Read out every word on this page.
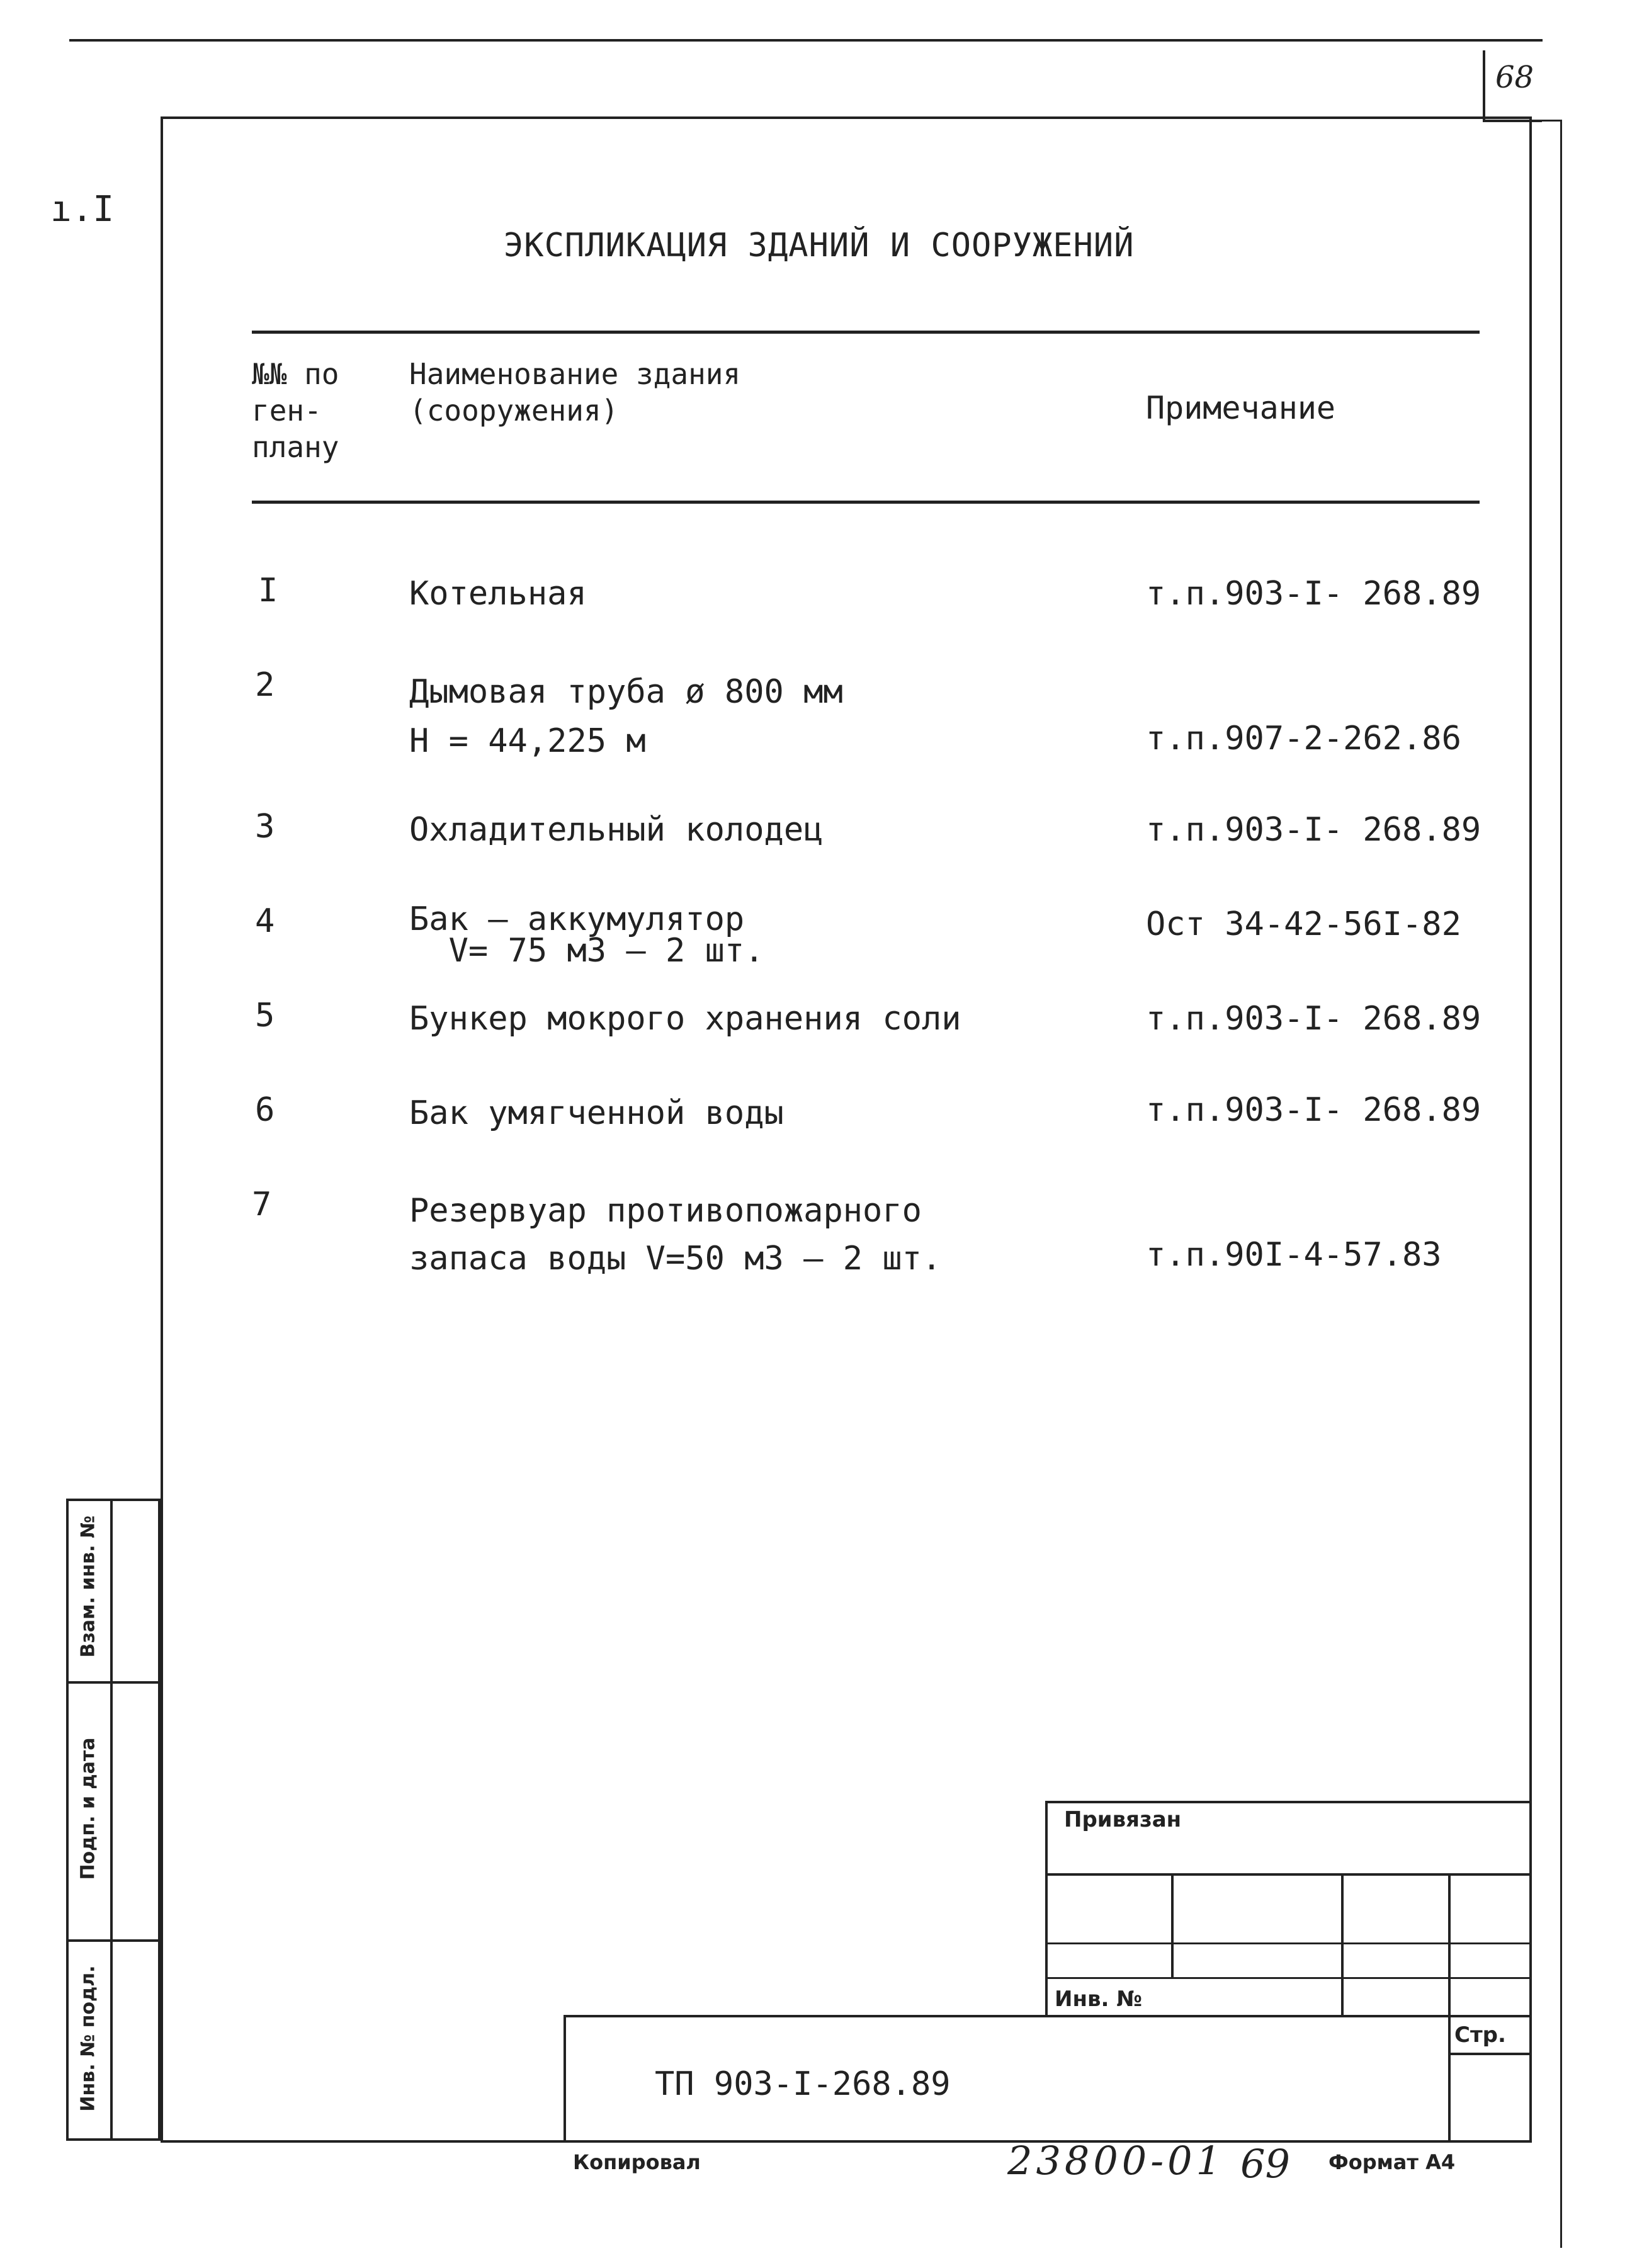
68
ı.I
ЭКСПЛИКАЦИЯ ЗДАНИЙ И СООРУЖЕНИЙ
№№ по
ген-
плану
Наименование здания
(сооружения)	Примечание
I	Котельная	т.п.903-I- 268.89
2	Дымовая труба ø 800 мм
Н = 44,225 м	т.п.907-2-262.86
3	Охладительный колодец	т.п.903-I- 268.89
4	Бак – аккумулятор
V= 75 м3 – 2 шт.
Ост 34-42-56I-82
5	Бункер мокрого хранения соли	т.п.903-I- 268.89
6	Бак умягченной воды	т.п.903-I- 268.89
7	Резервуар противопожарного
запаса воды V=50 м3 – 2 шт.	т.п.90I-4-57.83
Взам. инв. №
Подп. и дата
Инв. № подл.
Привязан
Инв. №
Стр.
ТП 903-I-268.89
Копировал	23800-01 69 Формат А4
